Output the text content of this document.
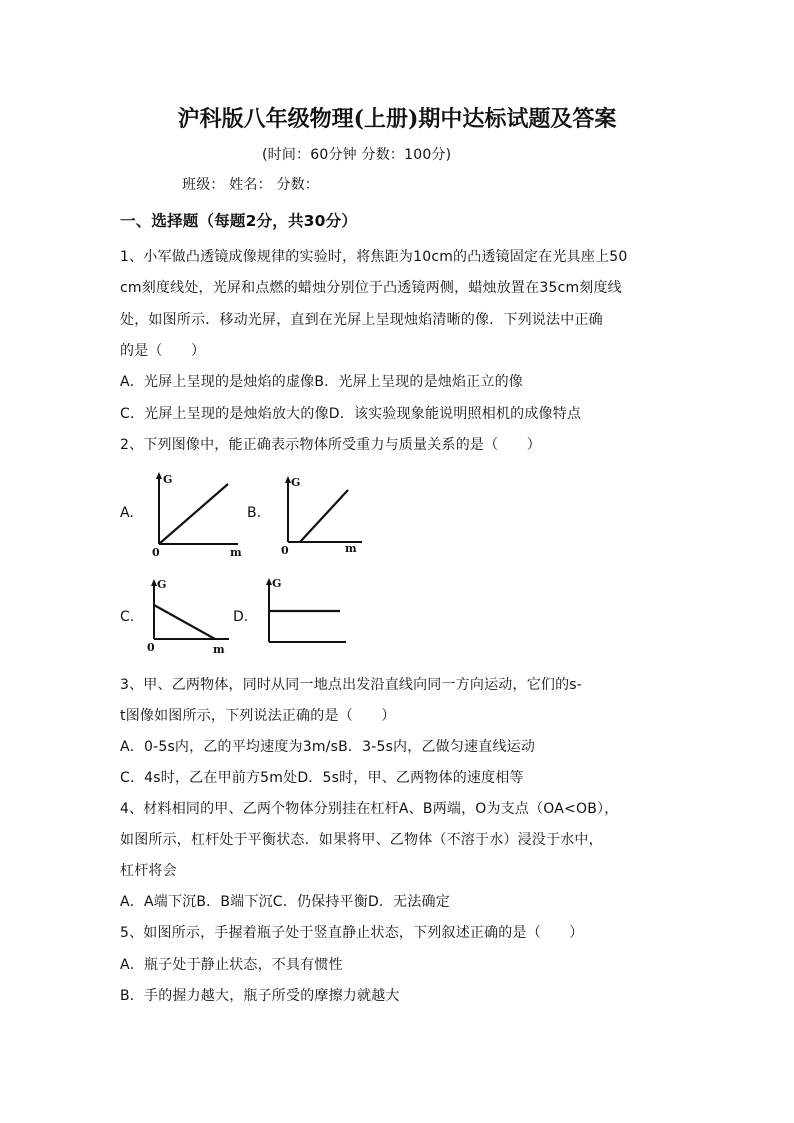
沪科版八年级物理(上册)期中达标试题及答案
(时间：60分钟 分数：100分)
班级： 姓名： 分数：
一、选择题（每题2分，共30分）
1、小军做凸透镜成像规律的实验时，将焦距为10cm的凸透镜固定在光具座上50
cm刻度线处，光屏和点燃的蜡烛分别位于凸透镜两侧，蜡烛放置在35cm刻度线
处，如图所示．移动光屏，直到在光屏上呈现烛焰清晰的像．下列说法中正确
的是（　　）
A．光屏上呈现的是烛焰的虚像B．光屏上呈现的是烛焰正立的像
C．光屏上呈现的是烛焰放大的像D．该实验现象能说明照相机的成像特点
2、下列图像中，能正确表示物体所受重力与质量关系的是（　　）
A.
G
m
0
B.
G
m
0
C.
G
m
0
D.
G
3、甲、乙两物体，同时从同一地点出发沿直线向同一方向运动，它们的s-
t图像如图所示，下列说法正确的是（　　）
A．0-5s内，乙的平均速度为3m/sB．3-5s内，乙做匀速直线运动
C．4s时，乙在甲前方5m处D．5s时，甲、乙两物体的速度相等
4、材料相同的甲、乙两个物体分别挂在杠杆A、B两端，O为支点（OA<OB），
如图所示，杠杆处于平衡状态．如果将甲、乙物体（不溶于水）浸没于水中，
杠杆将会
A．A端下沉B．B端下沉C．仍保持平衡D．无法确定
5、如图所示，手握着瓶子处于竖直静止状态，下列叙述正确的是（　　）
A．瓶子处于静止状态，不具有惯性
B．手的握力越大，瓶子所受的摩擦力就越大
